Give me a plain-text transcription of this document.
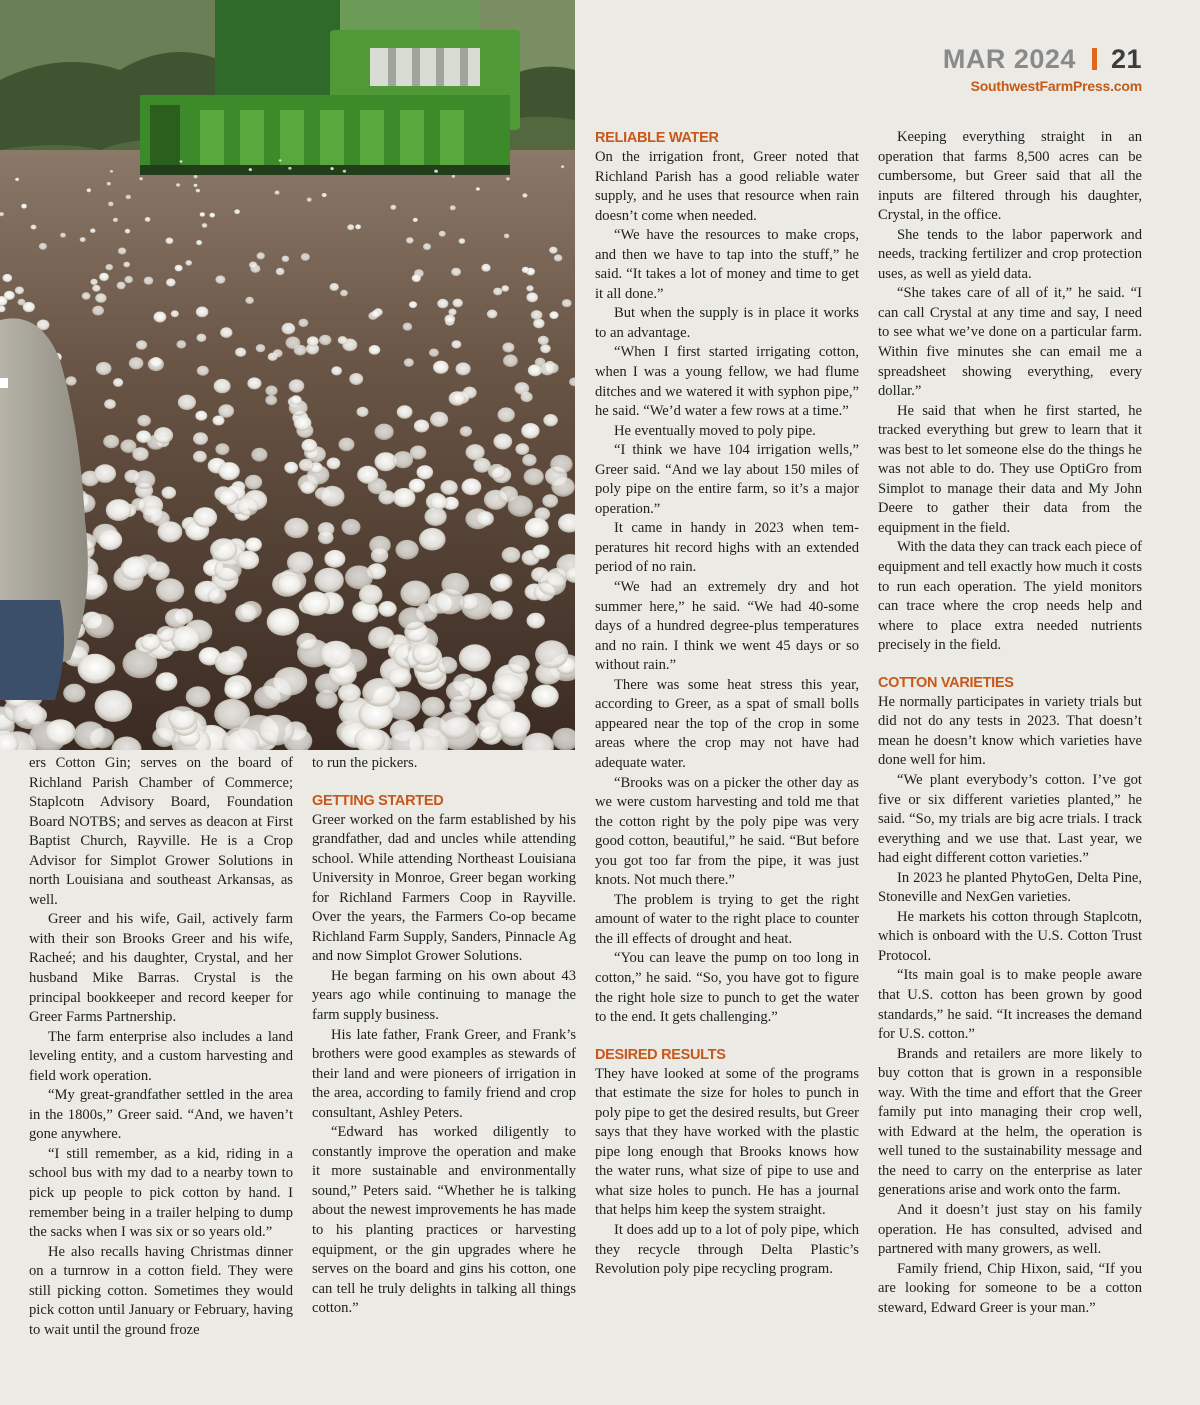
MAR 2024 21
SouthwestFarmPress.com

ers Cotton Gin; serves on the board of Richland Parish Chamber of Commerce; Staplcotn Advisory Board, Foundation Board NOTBS; and serves as deacon at First Baptist Church, Rayville. He is a Crop Advisor for Simplot Grower Solutions in north Louisiana and southeast Arkansas, as well.

Greer and his wife, Gail, actively farm with their son Brooks Greer and his wife, Racheé; and his daughter, Crystal, and her husband Mike Barras. Crystal is the principal bookkeeper and record keeper for Greer Farms Partnership.

The farm enterprise also includes a land leveling entity, and a custom harvesting and field work operation.

“My great-grandfather settled in the area in the 1800s,” Greer said. “And, we haven’t gone anywhere.

“I still remember, as a kid, riding in a school bus with my dad to a nearby town to pick up people to pick cotton by hand. I remember being in a trailer helping to dump the sacks when I was six or so years old.”

He also recalls having Christmas dinner on a turnrow in a cotton field. They were still picking cotton. Sometimes they would pick cotton until January or February, having to wait until the ground froze

to run the pickers.

GETTING STARTED

Greer worked on the farm established by his grandfather, dad and uncles while attending school. While attending Northeast Louisiana University in Monroe, Greer began working for Richland Farmers Coop in Rayville. Over the years, the Farmers Co-op became Richland Farm Supply, Sanders, Pinnacle Ag and now Simplot Grower Solutions.

He began farming on his own about 43 years ago while continuing to manage the farm supply business.

His late father, Frank Greer, and Frank’s brothers were good examples as stewards of their land and were pioneers of irrigation in the area, according to family friend and crop consultant, Ashley Peters.

“Edward has worked diligently to constantly improve the operation and make it more sustainable and environmentally sound,” Peters said. “Whether he is talking about the newest improvements he has made to his planting practices or harvesting equipment, or the gin upgrades where he serves on the board and gins his cotton, one can tell he truly delights in talking all things cotton.”

RELIABLE WATER

On the irrigation front, Greer noted that Richland Parish has a good reliable water supply, and he uses that resource when rain doesn’t come when needed.

“We have the resources to make crops, and then we have to tap into the stuff,” he said. “It takes a lot of money and time to get it all done.”

But when the supply is in place it works to an advantage.

“When I first started irrigating cotton, when I was a young fellow, we had flume ditches and we watered it with syphon pipe,” he said. “We’d water a few rows at a time.”

He eventually moved to poly pipe.

“I think we have 104 irrigation wells,” Greer said. “And we lay about 150 miles of poly pipe on the entire farm, so it’s a major operation.”

It came in handy in 2023 when temperatures hit record highs with an extended period of no rain.

“We had an extremely dry and hot summer here,” he said. “We had 40-some days of a hundred degree-plus temperatures and no rain. I think we went 45 days or so without rain.”

There was some heat stress this year, according to Greer, as a spat of small bolls appeared near the top of the crop in some areas where the crop may not have had adequate water.

“Brooks was on a picker the other day as we were custom harvesting and told me that the cotton right by the poly pipe was very good cotton, beautiful,” he said. “But before you got too far from the pipe, it was just knots. Not much there.”

The problem is trying to get the right amount of water to the right place to counter the ill effects of drought and heat.

“You can leave the pump on too long in cotton,” he said. “So, you have got to figure the right hole size to punch to get the water to the end. It gets challenging.”

DESIRED RESULTS

They have looked at some of the programs that estimate the size for holes to punch in poly pipe to get the desired results, but Greer says that they have worked with the plastic pipe long enough that Brooks knows how the water runs, what size of pipe to use and what size holes to punch. He has a journal that helps him keep the system straight.

It does add up to a lot of poly pipe, which they recycle through Delta Plastic’s Revolution poly pipe recycling program.

Keeping everything straight in an operation that farms 8,500 acres can be cumbersome, but Greer said that all the inputs are filtered through his daughter, Crystal, in the office.

She tends to the labor paperwork and needs, tracking fertilizer and crop protection uses, as well as yield data.

“She takes care of all of it,” he said. “I can call Crystal at any time and say, I need to see what we’ve done on a particular farm. Within five minutes she can email me a spreadsheet showing everything, every dollar.”

He said that when he first started, he tracked everything but grew to learn that it was best to let someone else do the things he was not able to do. They use OptiGro from Simplot to manage their data and My John Deere to gather their data from the equipment in the field.

With the data they can track each piece of equipment and tell exactly how much it costs to run each operation. The yield monitors can trace where the crop needs help and where to place extra needed nutrients precisely in the field.

COTTON VARIETIES

He normally participates in variety trials but did not do any tests in 2023. That doesn’t mean he doesn’t know which varieties have done well for him.

“We plant everybody’s cotton. I’ve got five or six different varieties planted,” he said. “So, my trials are big acre trials. I track everything and we use that. Last year, we had eight different cotton varieties.”

In 2023 he planted PhytoGen, Delta Pine, Stoneville and NexGen varieties.

He markets his cotton through Staplcotn, which is onboard with the U.S. Cotton Trust Protocol.

“Its main goal is to make people aware that U.S. cotton has been grown by good standards,” he said. “It increases the demand for U.S. cotton.”

Brands and retailers are more likely to buy cotton that is grown in a responsible way. With the time and effort that the Greer family put into managing their crop well, with Edward at the helm, the operation is well tuned to the sustainability message and the need to carry on the enterprise as later generations arise and work onto the farm.

And it doesn’t just stay on his family operation. He has consulted, advised and partnered with many growers, as well.

Family friend, Chip Hixon, said, “If you are looking for someone to be a cotton steward, Edward Greer is your man.”
